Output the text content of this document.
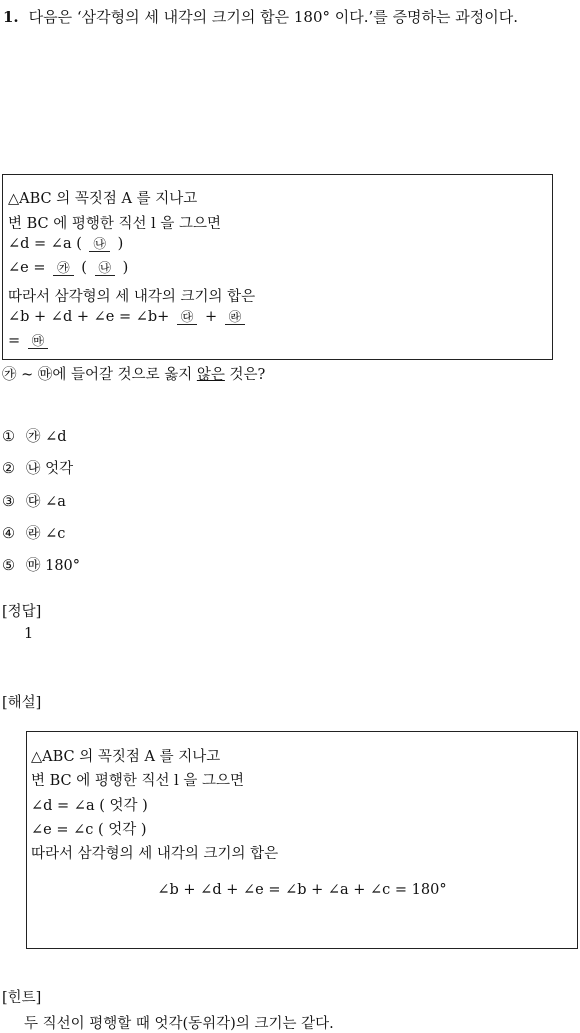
1. 다음은 ‘삼각형의 세 내각의 크기의 합은 180° 이다.’를 증명하는 과정이다.
△ABC 의 꼭짓점 A 를 지나고
변 BC 에 평행한 직선 l 을 그으면
∠d = ∠a ( ㉯ )
∠e = ㉮ ( ㉯ )
따라서 삼각형의 세 내각의 크기의 합은
∠b + ∠d + ∠e = ∠b+ ㉰ + ㉱
= ㉲
㉮ ~ ㉲에 들어갈 것으로 옳지 않은 것은?
① ㉮ ∠d
② ㉯ 엇각
③ ㉰ ∠a
④ ㉱ ∠c
⑤ ㉲ 180°
[정답]
1
[해설]
△ABC 의 꼭짓점 A 를 지나고
변 BC 에 평행한 직선 l 을 그으면
∠d = ∠a ( 엇각 )
∠e = ∠c ( 엇각 )
따라서 삼각형의 세 내각의 크기의 합은
∠b + ∠d + ∠e = ∠b + ∠a + ∠c = 180°
[힌트]
두 직선이 평행할 때 엇각(동위각)의 크기는 같다.
